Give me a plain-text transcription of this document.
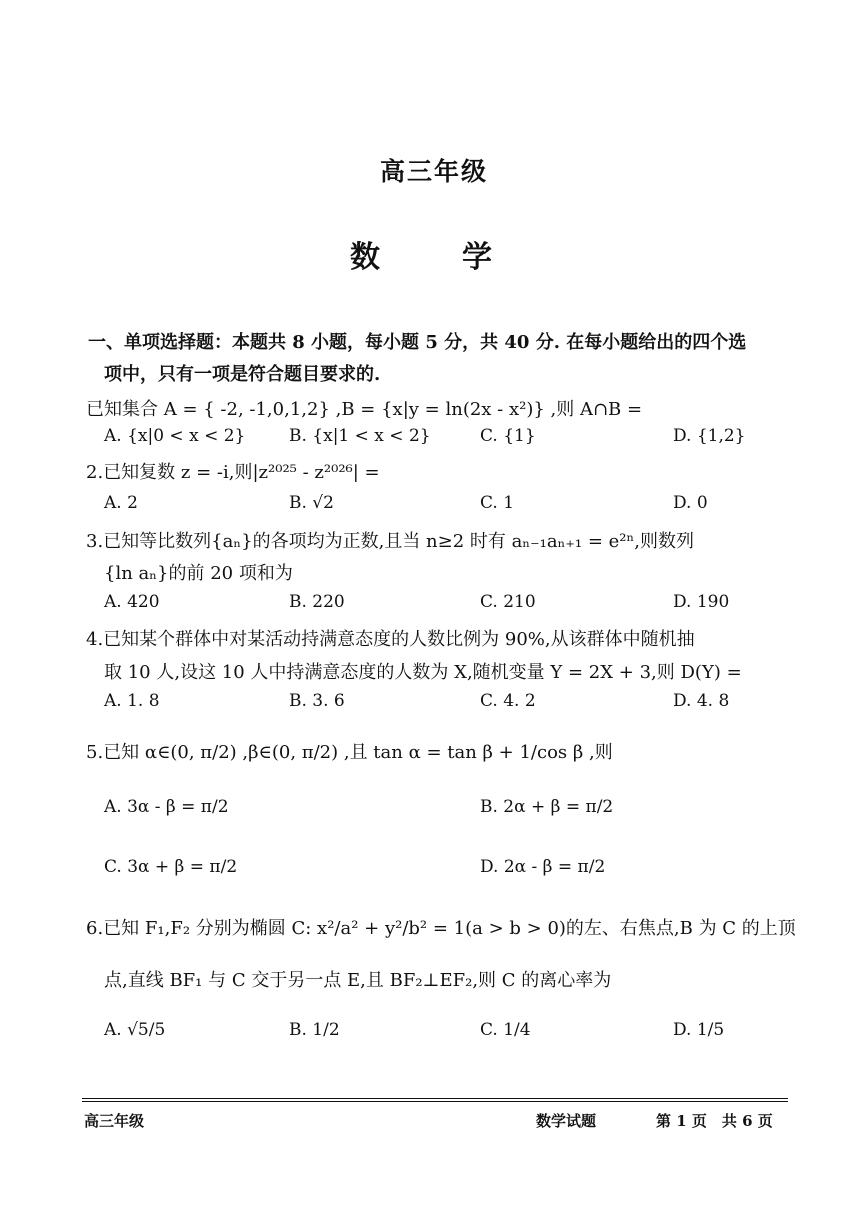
高三年级
数　学
一、单项选择题：本题共 8 小题，每小题 5 分，共 40 分. 在每小题给出的四个选
项中，只有一项是符合题目要求的.
已知集合 A = { -2, -1,0,1,2} ,B = {x|y = ln(2x - x²)} ,则 A∩B =
A. {x|0 < x < 2}	B. {x|1 < x < 2}	C. {1}	D. {1,2}
2.已知复数 z = -i,则|z²⁰²⁵ - z²⁰²⁶| =
A. 2	B. √2	C. 1	D. 0
3.已知等比数列{aₙ}的各项均为正数,且当 n≥2 时有 aₙ₋₁aₙ₊₁ = e²ⁿ,则数列
{ln aₙ}的前 20 项和为
A. 420	B. 220	C. 210	D. 190
4.已知某个群体中对某活动持满意态度的人数比例为 90%,从该群体中随机抽
取 10 人,设这 10 人中持满意态度的人数为 X,随机变量 Y = 2X + 3,则 D(Y) =
A. 1. 8	B. 3. 6	C. 4. 2	D. 4. 8
5.已知 α∈(0, π/2) ,β∈(0, π/2) ,且 tan α = tan β + 1/cos β ,则
A. 3α - β = π/2	B. 2α + β = π/2
C. 3α + β = π/2	D. 2α - β = π/2
6.已知 F₁,F₂ 分别为椭圆 C: x²/a² + y²/b² = 1(a > b > 0)的左、右焦点,B 为 C 的上顶
点,直线 BF₁ 与 C 交于另一点 E,且 BF₂⊥EF₂,则 C 的离心率为
A. √5/5	B. 1/2	C. 1/4	D. 1/5
高三年级	数学试题	第 1 页　共 6 页
